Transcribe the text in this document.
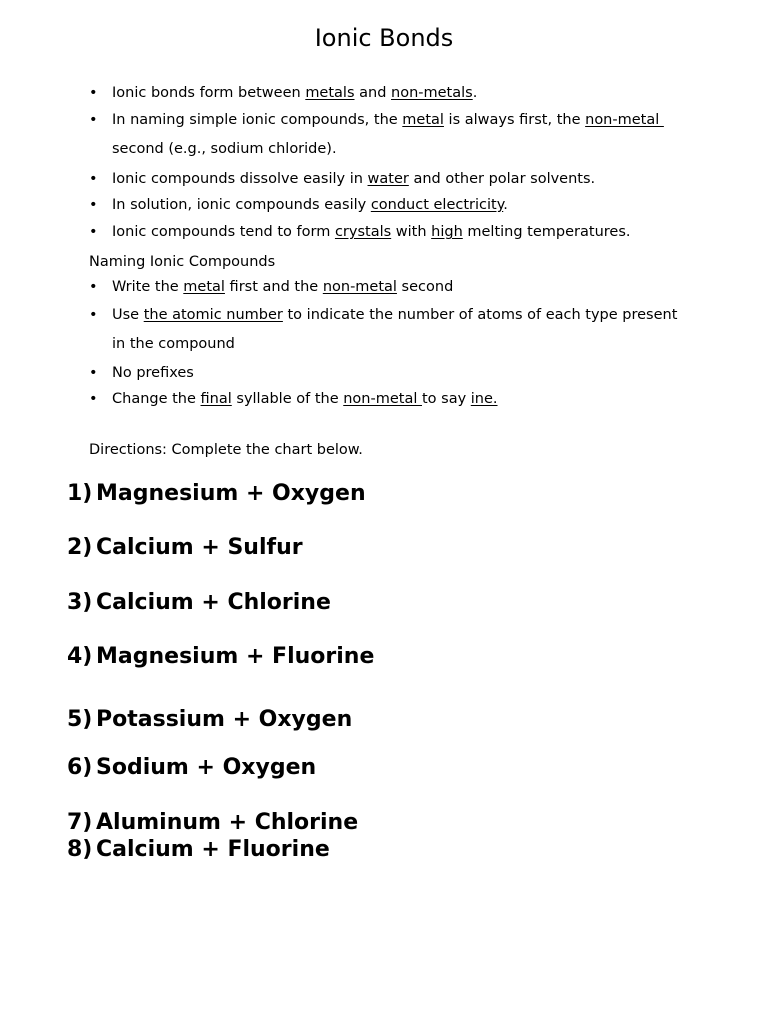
Ionic Bonds
• Ionic bonds form between metals and non-metals.
• In naming simple ionic compounds, the metal is always first, the non-metal
second (e.g., sodium chloride).
• Ionic compounds dissolve easily in water and other polar solvents.
• In solution, ionic compounds easily conduct electricity.
• Ionic compounds tend to form crystals with high melting temperatures.
Naming Ionic Compounds
• Write the metal first and the non-metal second
• Use the atomic number to indicate the number of atoms of each type present
in the compound
• No prefixes
• Change the final syllable of the non-metal to say ine.
Directions: Complete the chart below.
1) Magnesium + Oxygen
2) Calcium + Sulfur
3) Calcium + Chlorine
4) Magnesium + Fluorine
5) Potassium + Oxygen
6) Sodium + Oxygen
7) Aluminum + Chlorine
8) Calcium + Fluorine
